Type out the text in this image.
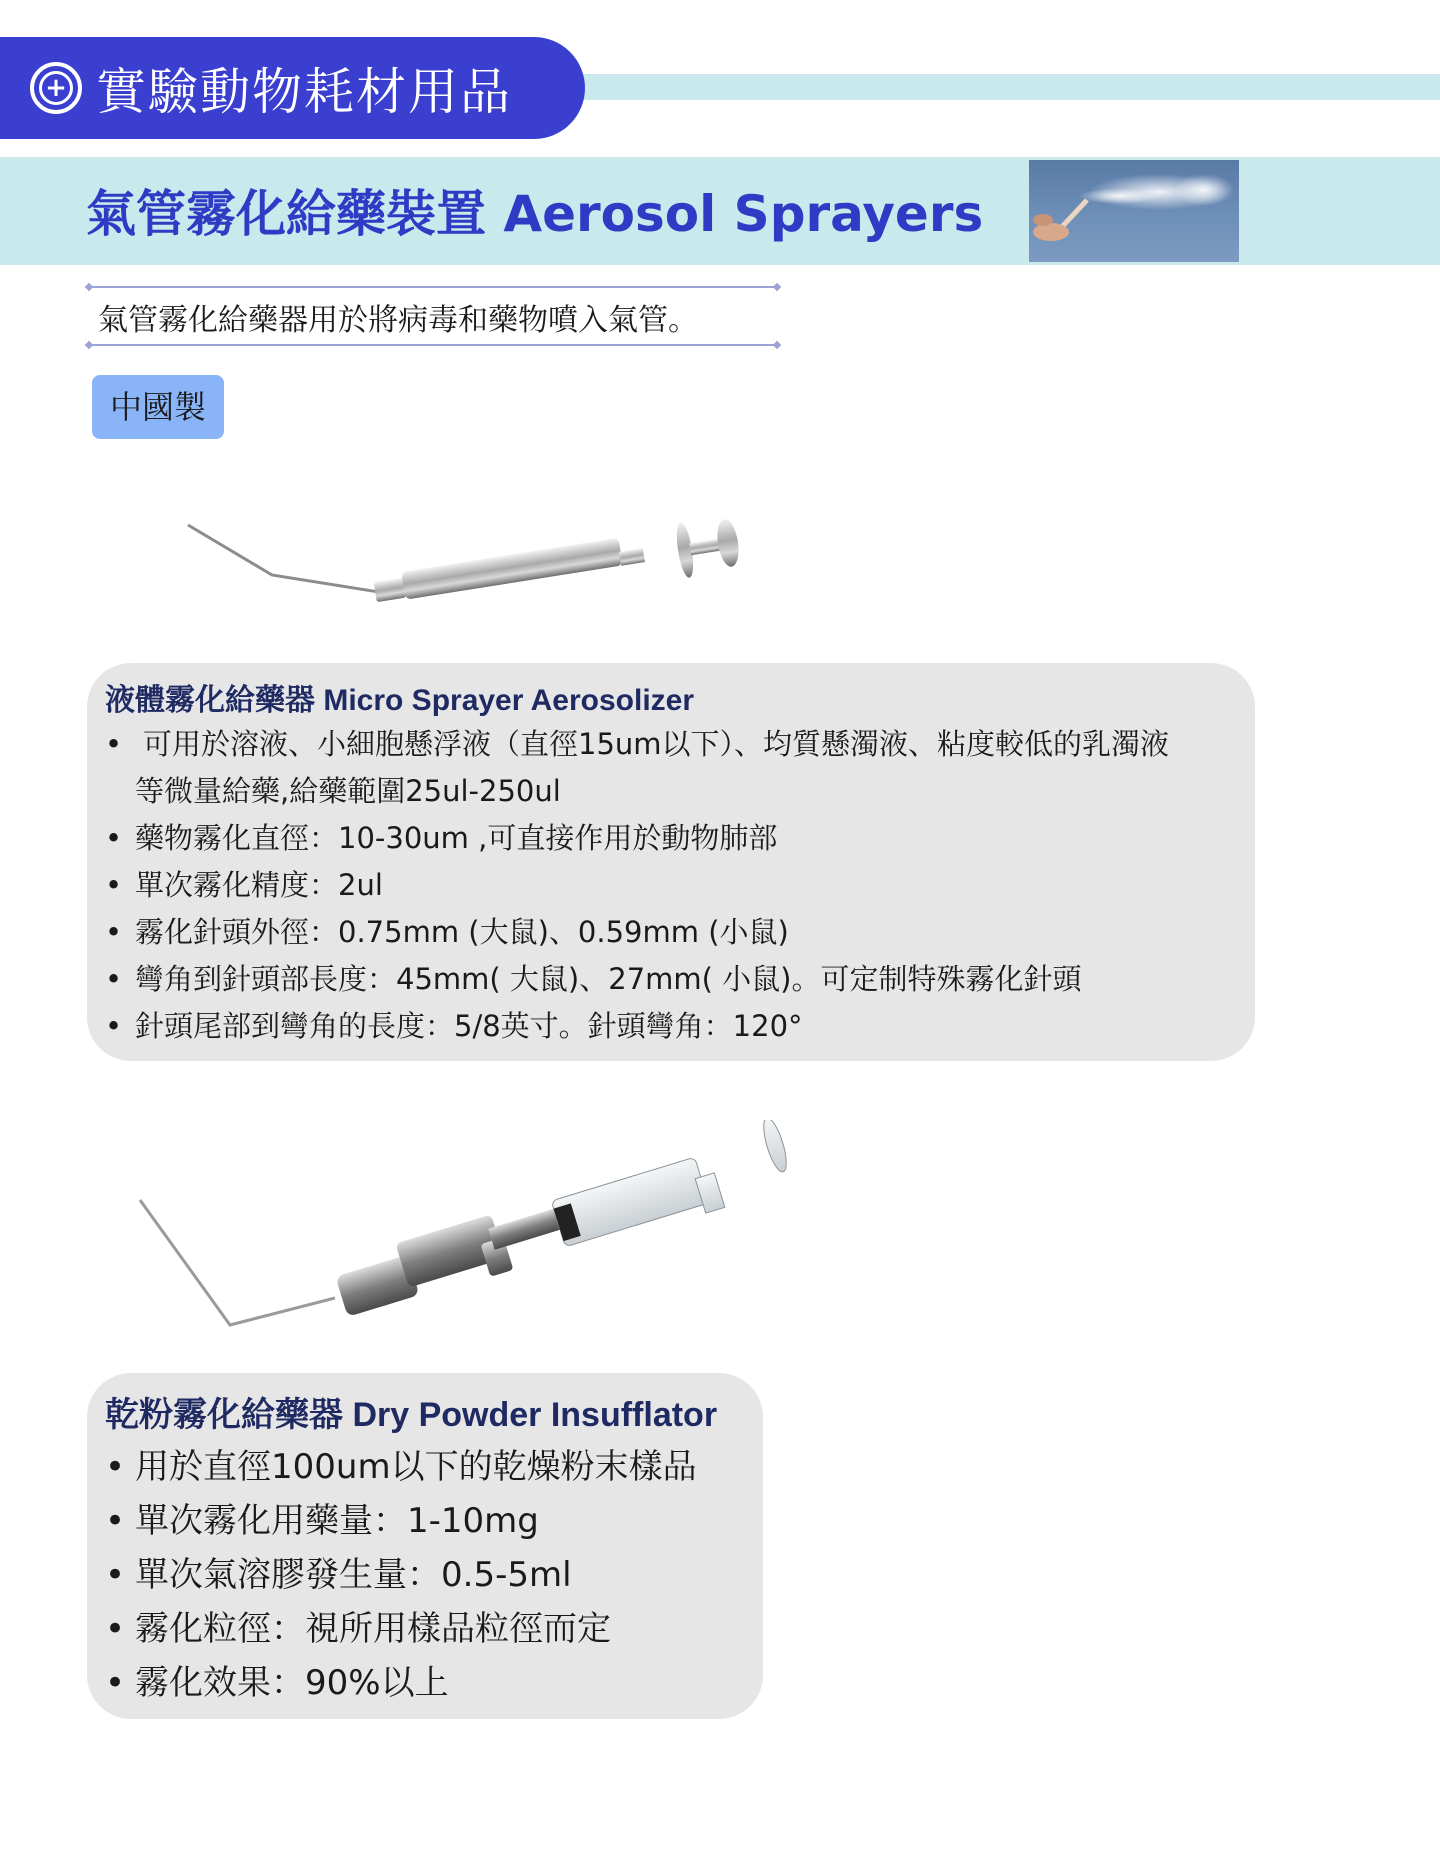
+ 實驗動物耗材用品
氣管霧化給藥裝置 Aerosol Sprayers
氣管霧化給藥器用於將病毒和藥物噴入氣管。
中國製
液體霧化給藥器 Micro Sprayer Aerosolizer
• 可用於溶液、小細胞懸浮液（直徑15um以下）、均質懸濁液、粘度較低的乳濁液
等微量給藥,給藥範圍25ul-250ul
• 藥物霧化直徑：10-30um ,可直接作用於動物肺部
• 單次霧化精度：2ul
• 霧化針頭外徑：0.75mm (大鼠)、0.59mm (小鼠)
• 彎角到針頭部長度：45mm( 大鼠)、27mm( 小鼠)。可定制特殊霧化針頭
• 針頭尾部到彎角的長度：5/8英寸。針頭彎角：120°
乾粉霧化給藥器 Dry Powder Insufflator
• 用於直徑100um以下的乾燥粉末樣品
• 單次霧化用藥量：1-10mg
• 單次氣溶膠發生量：0.5-5ml
• 霧化粒徑：視所用樣品粒徑而定
• 霧化效果：90%以上
